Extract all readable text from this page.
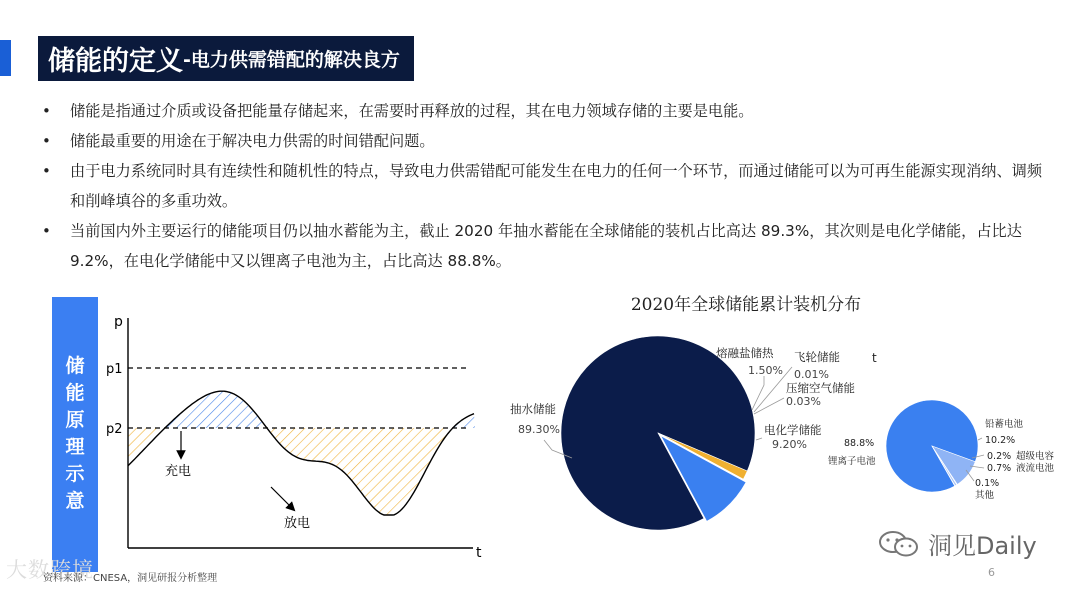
储能的定义 -电力供需错配的解决良方
• 储能是指通过介质或设备把能量存储起来，在需要时再释放的过程，其在电力领域存储的主要是电能。
• 储能最重要的用途在于解决电力供需的时间错配问题。
• 由于电力系统同时具有连续性和随机性的特点，导致电力供需错配可能发生在电力的任何一个环节，而通过储能可以为可再生能源实现消纳、调频和削峰填谷的多重功效。
• 当前国内外主要运行的储能项目仍以抽水蓄能为主，截止 2020 年抽水蓄能在全球储能的装机占比高达 89.3%，其次则是电化学储能，占比达 9.2%，在电化学储能中又以锂离子电池为主，占比高达 88.8%。
储
能
原
理
示
意
p
t
p1
p2
充电
放电
2020年全球储能累计装机分布
抽水储能
89.30%
熔融盐储热
1.50%
飞轮储能
0.01%
压缩空气储能
0.03%
电化学储能
9.20%
t
88.8%
锂离子电池
铅蓄电池
10.2%
0.2% 超级电容
0.7% 液流电池
0.1%
其他
大数跨境
资料来源：CNESA，洞见研报分析整理	6
洞见Daily
